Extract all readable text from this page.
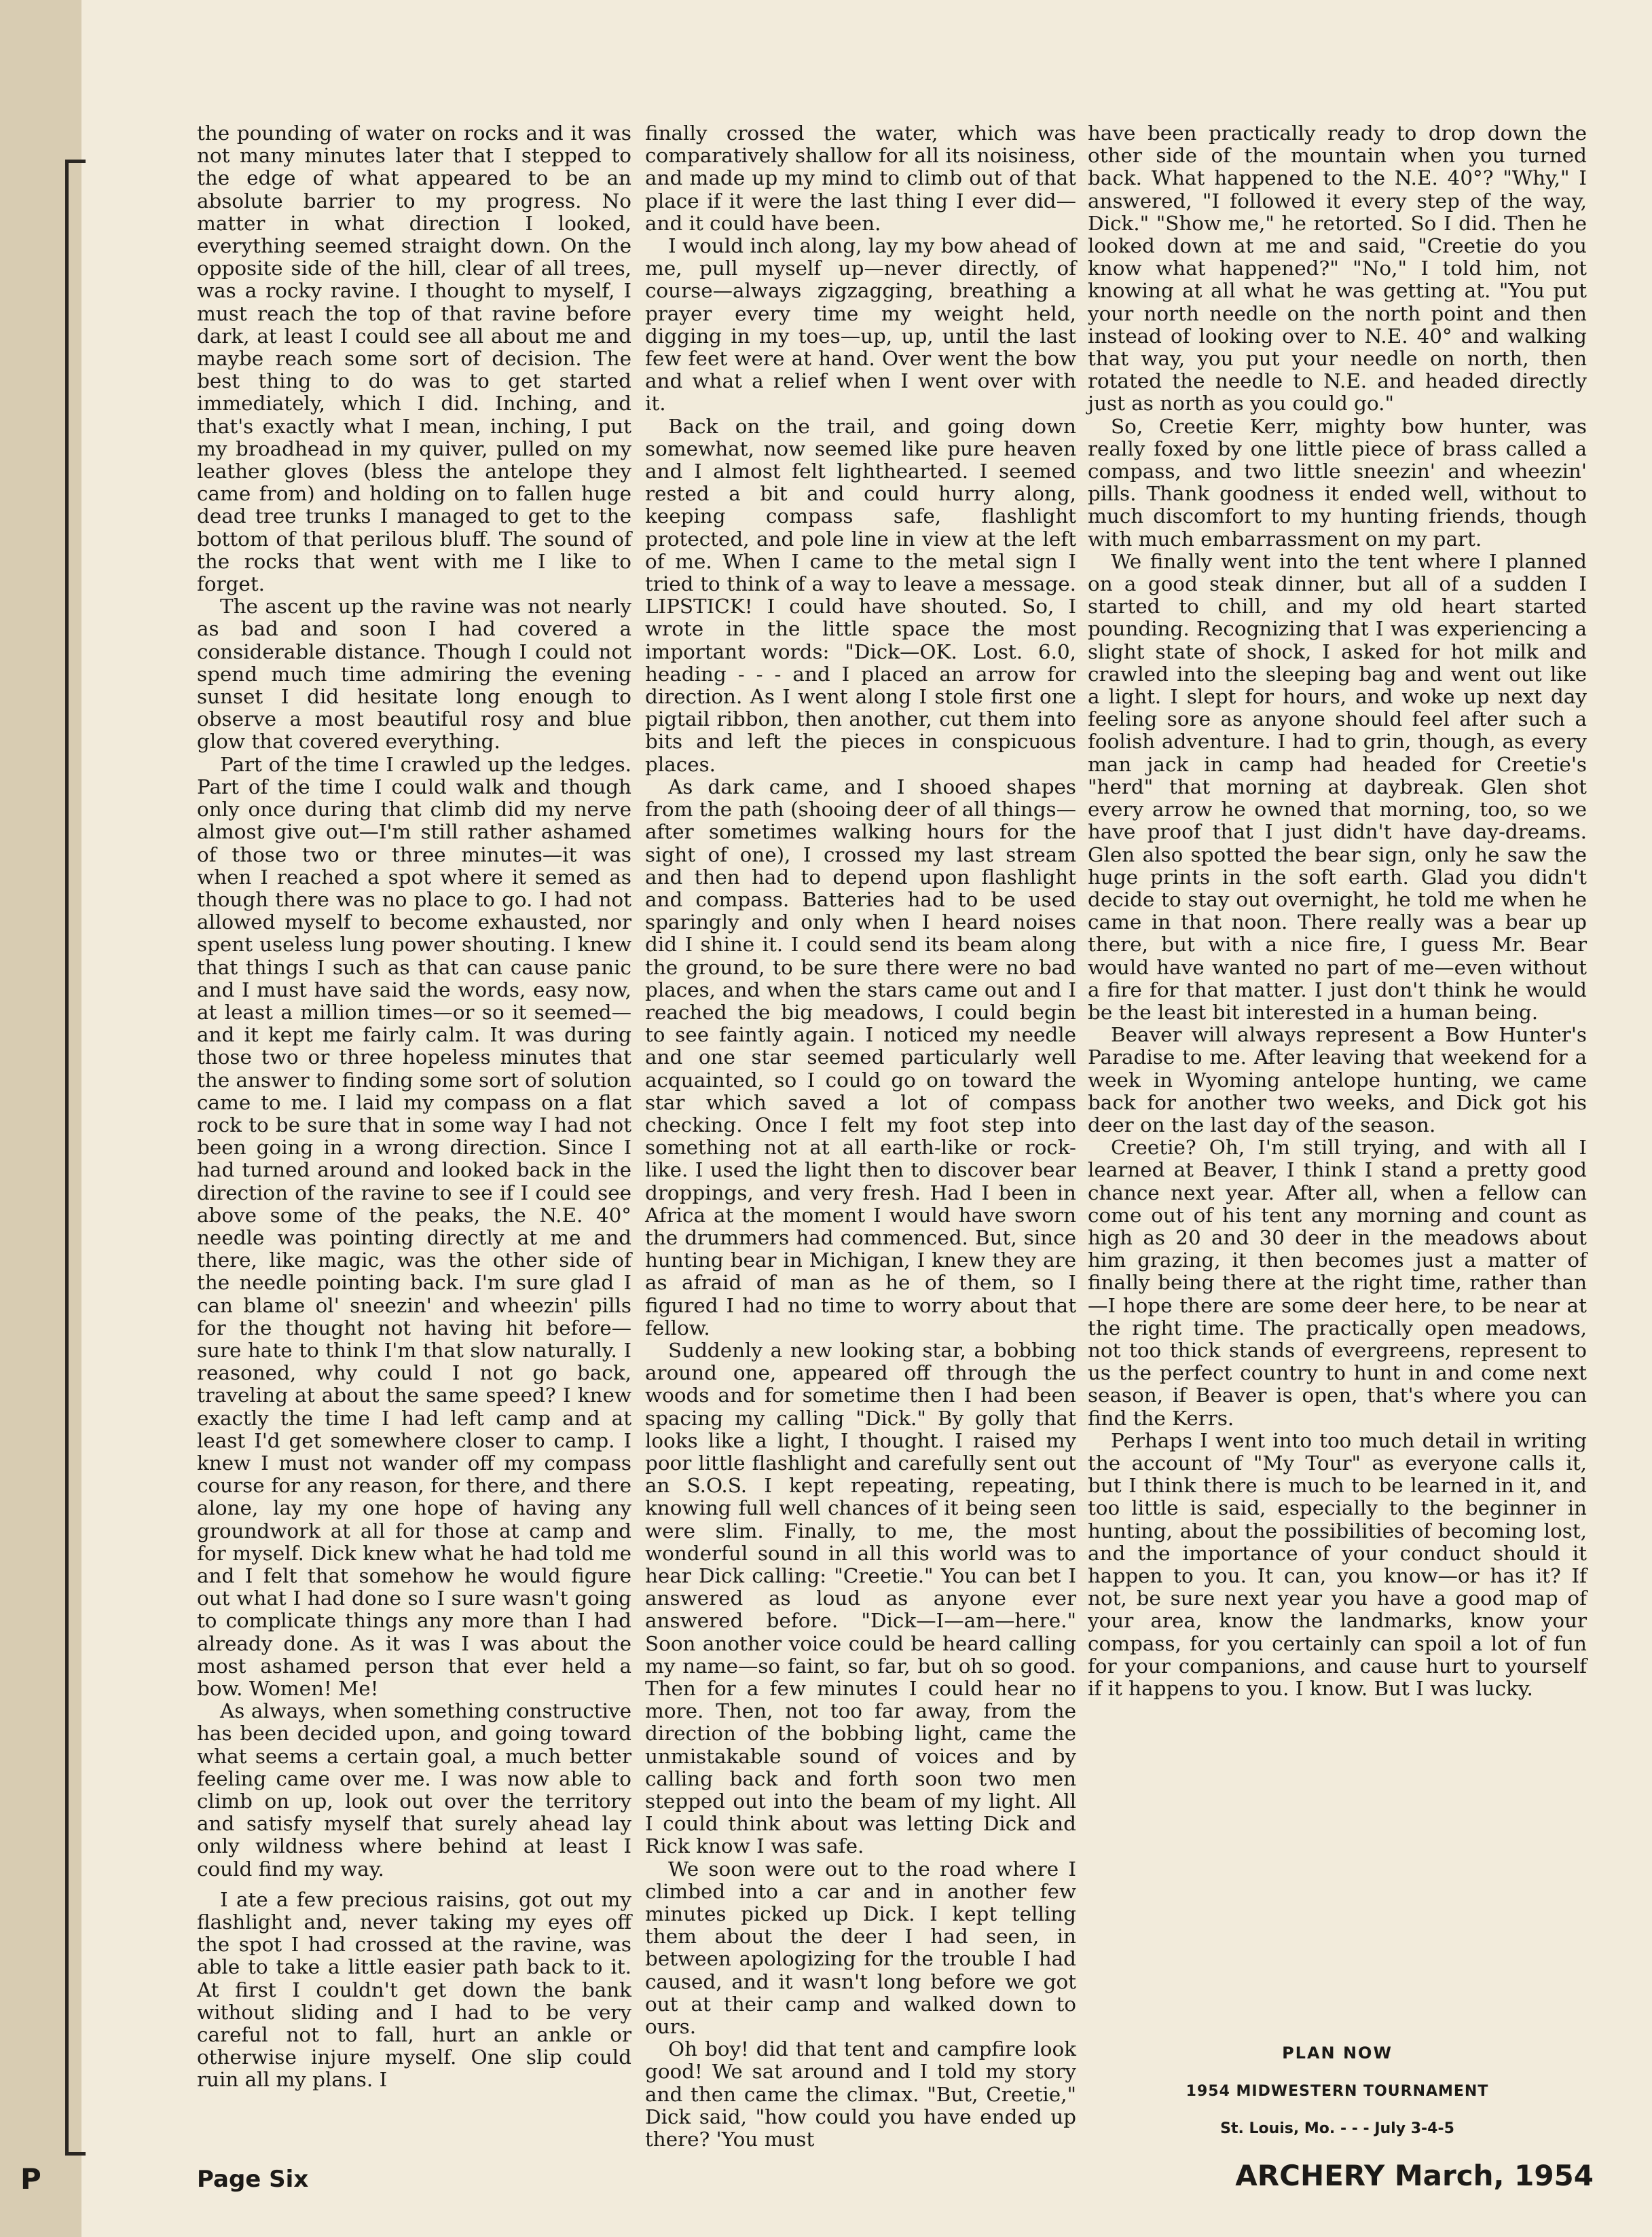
P

the pounding of water on rocks and it was not many minutes later that I stepped to the edge of what appeared to be an absolute barrier to my progress. No matter in what direction I looked, everything seemed straight down. On the opposite side of the hill, clear of all trees, was a rocky ravine. I thought to myself, I must reach the top of that ravine before dark, at least I could see all about me and maybe reach some sort of decision. The best thing to do was to get started immediately, which I did. Inching, and that's exactly what I mean, inching, I put my broadhead in my quiver, pulled on my leather gloves (bless the antelope they came from) and holding on to fallen huge dead tree trunks I managed to get to the bottom of that perilous bluff. The sound of the rocks that went with me I like to forget.

The ascent up the ravine was not nearly as bad and soon I had covered a considerable distance. Though I could not spend much time admiring the evening sunset I did hesitate long enough to observe a most beautiful rosy and blue glow that covered everything.

Part of the time I crawled up the ledges. Part of the time I could walk and though only once during that climb did my nerve almost give out—I'm still rather ashamed of those two or three minutes—it was when I reached a spot where it semed as though there was no place to go. I had not allowed myself to become exhausted, nor spent useless lung power shouting. I knew that things I such as that can cause panic and I must have said the words, easy now, at least a million times—or so it seemed—and it kept me fairly calm. It was during those two or three hopeless minutes that the answer to finding some sort of solution came to me. I laid my compass on a flat rock to be sure that in some way I had not been going in a wrong direction. Since I had turned around and looked back in the direction of the ravine to see if I could see above some of the peaks, the N.E. 40° needle was pointing directly at me and there, like magic, was the other side of the needle pointing back. I'm sure glad I can blame ol' sneezin' and wheezin' pills for the thought not having hit before—sure hate to think I'm that slow naturally. I reasoned, why could I not go back, traveling at about the same speed? I knew exactly the time I had left camp and at least I'd get somewhere closer to camp. I knew I must not wander off my compass course for any reason, for there, and there alone, lay my one hope of having any groundwork at all for those at camp and for myself. Dick knew what he had told me and I felt that somehow he would figure out what I had done so I sure wasn't going to complicate things any more than I had already done. As it was I was about the most ashamed person that ever held a bow. Women! Me!

As always, when something constructive has been decided upon, and going toward what seems a certain goal, a much better feeling came over me. I was now able to climb on up, look out over the territory and satisfy myself that surely ahead lay only wildness where behind at least I could find my way.

I ate a few precious raisins, got out my flashlight and, never taking my eyes off the spot I had crossed at the ravine, was able to take a little easier path back to it. At first I couldn't get down the bank without sliding and I had to be very careful not to fall, hurt an ankle or otherwise injure myself. One slip could ruin all my plans. I

finally crossed the water, which was comparatively shallow for all its noisiness, and made up my mind to climb out of that place if it were the last thing I ever did—and it could have been.

I would inch along, lay my bow ahead of me, pull myself up—never directly, of course—always zigzagging, breathing a prayer every time my weight held, digging in my toes—up, up, until the last few feet were at hand. Over went the bow and what a relief when I went over with it.

Back on the trail, and going down somewhat, now seemed like pure heaven and I almost felt lighthearted. I seemed rested a bit and could hurry along, keeping compass safe, flashlight protected, and pole line in view at the left of me. When I came to the metal sign I tried to think of a way to leave a message. LIPSTICK! I could have shouted. So, I wrote in the little space the most important words: "Dick—OK. Lost. 6.0, heading - - - and I placed an arrow for direction. As I went along I stole first one pigtail ribbon, then another, cut them into bits and left the pieces in conspicuous places.

As dark came, and I shooed shapes from the path (shooing deer of all things—after sometimes walking hours for the sight of one), I crossed my last stream and then had to depend upon flashlight and compass. Batteries had to be used sparingly and only when I heard noises did I shine it. I could send its beam along the ground, to be sure there were no bad places, and when the stars came out and I reached the big meadows, I could begin to see faintly again. I noticed my needle and one star seemed particularly well acquainted, so I could go on toward the star which saved a lot of compass checking. Once I felt my foot step into something not at all earth-like or rock-like. I used the light then to discover bear droppings, and very fresh. Had I been in Africa at the moment I would have sworn the drummers had commenced. But, since hunting bear in Michigan, I knew they are as afraid of man as he of them, so I figured I had no time to worry about that fellow.

Suddenly a new looking star, a bobbing around one, appeared off through the woods and for sometime then I had been spacing my calling "Dick." By golly that looks like a light, I thought. I raised my poor little flashlight and carefully sent out an S.O.S. I kept repeating, repeating, knowing full well chances of it being seen were slim. Finally, to me, the most wonderful sound in all this world was to hear Dick calling: "Creetie." You can bet I answered as loud as anyone ever answered before. "Dick—I—am—here." Soon another voice could be heard calling my name—so faint, so far, but oh so good. Then for a few minutes I could hear no more. Then, not too far away, from the direction of the bobbing light, came the unmistakable sound of voices and by calling back and forth soon two men stepped out into the beam of my light. All I could think about was letting Dick and Rick know I was safe.

We soon were out to the road where I climbed into a car and in another few minutes picked up Dick. I kept telling them about the deer I had seen, in between apologizing for the trouble I had caused, and it wasn't long before we got out at their camp and walked down to ours.

Oh boy! did that tent and campfire look good! We sat around and I told my story and then came the climax. "But, Creetie," Dick said, "how could you have ended up there? 'You must

have been practically ready to drop down the other side of the mountain when you turned back. What happened to the N.E. 40°? "Why," I answered, "I followed it every step of the way, Dick." "Show me," he retorted. So I did. Then he looked down at me and said, "Creetie do you know what happened?" "No," I told him, not knowing at all what he was getting at. "You put your north needle on the north point and then instead of looking over to N.E. 40° and walking that way, you put your needle on north, then rotated the needle to N.E. and headed directly just as north as you could go."

So, Creetie Kerr, mighty bow hunter, was really foxed by one little piece of brass called a compass, and two little sneezin' and wheezin' pills. Thank goodness it ended well, without to much discomfort to my hunting friends, though with much embarrassment on my part.

We finally went into the tent where I planned on a good steak dinner, but all of a sudden I started to chill, and my old heart started pounding. Recognizing that I was experiencing a slight state of shock, I asked for hot milk and crawled into the sleeping bag and went out like a light. I slept for hours, and woke up next day feeling sore as anyone should feel after such a foolish adventure. I had to grin, though, as every man jack in camp had headed for Creetie's "herd" that morning at daybreak. Glen shot every arrow he owned that morning, too, so we have proof that I just didn't have day-dreams. Glen also spotted the bear sign, only he saw the huge prints in the soft earth. Glad you didn't decide to stay out overnight, he told me when he came in that noon. There really was a bear up there, but with a nice fire, I guess Mr. Bear would have wanted no part of me—even without a fire for that matter. I just don't think he would be the least bit interested in a human being.

Beaver will always represent a Bow Hunter's Paradise to me. After leaving that weekend for a week in Wyoming antelope hunting, we came back for another two weeks, and Dick got his deer on the last day of the season.

Creetie? Oh, I'm still trying, and with all I learned at Beaver, I think I stand a pretty good chance next year. After all, when a fellow can come out of his tent any morning and count as high as 20 and 30 deer in the meadows about him grazing, it then becomes just a matter of finally being there at the right time, rather than—I hope there are some deer here, to be near at the right time. The practically open meadows, not too thick stands of evergreens, represent to us the perfect country to hunt in and come next season, if Beaver is open, that's where you can find the Kerrs.

Perhaps I went into too much detail in writing the account of "My Tour" as everyone calls it, but I think there is much to be learned in it, and too little is said, especially to the beginner in hunting, about the possibilities of becoming lost, and the importance of your conduct should it happen to you. It can, you know—or has it? If not, be sure next year you have a good map of your area, know the landmarks, know your compass, for you certainly can spoil a lot of fun for your companions, and cause hurt to yourself if it happens to you. I know. But I was lucky.

PLAN NOW
1954 MIDWESTERN TOURNAMENT
St. Louis, Mo. - - - July 3-4-5
Page Six	ARCHERY March, 1954
